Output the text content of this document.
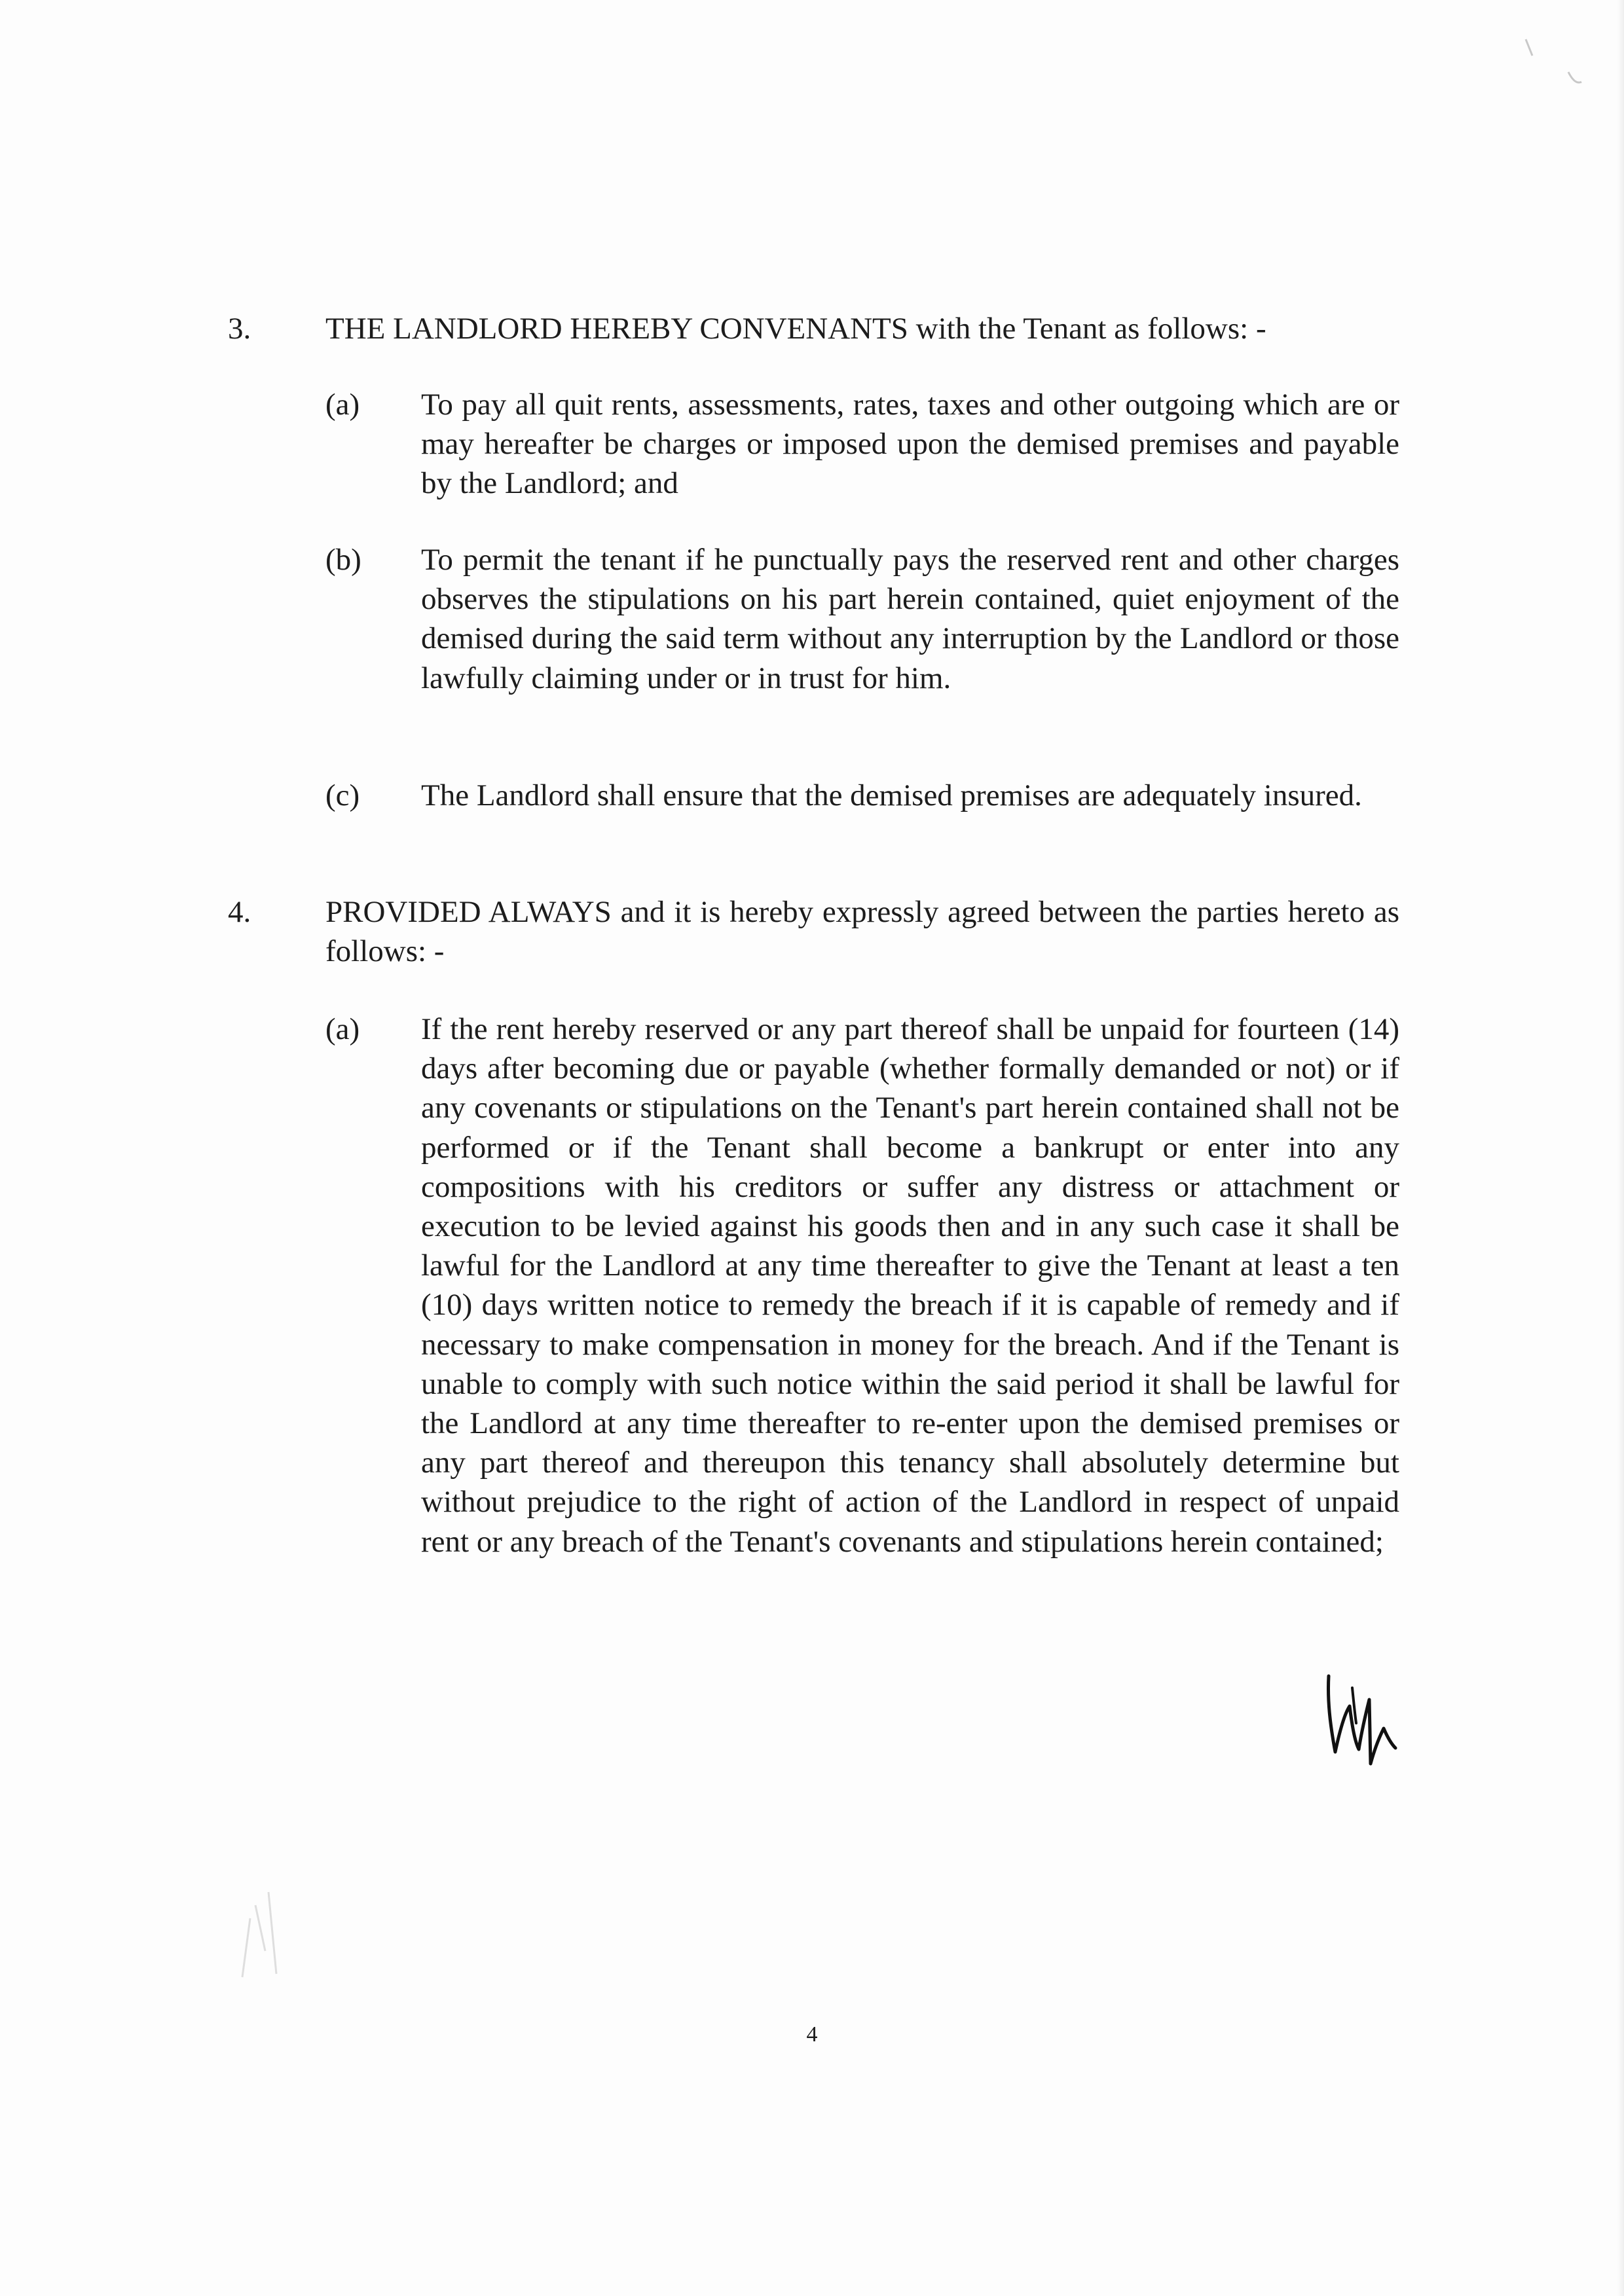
3. THE LANDLORD HEREBY CONVENANTS with the Tenant as follows: -
(a) To pay all quit rents, assessments, rates, taxes and other outgoing which are or may hereafter be charges or imposed upon the demised premises and payable by the Landlord; and
(b) To permit the tenant if he punctually pays the reserved rent and other charges observes the stipulations on his part herein contained, quiet enjoyment of the demised during the said term without any interruption by the Landlord or those lawfully claiming under or in trust for him.
(c) The Landlord shall ensure that the demised premises are adequately insured.
4. PROVIDED ALWAYS and it is hereby expressly agreed between the parties hereto as follows: -
(a) If the rent hereby reserved or any part thereof shall be unpaid for fourteen (14) days after becoming due or payable (whether formally demanded or not) or if any covenants or stipulations on the Tenant's part herein contained shall not be performed or if the Tenant shall become a bankrupt or enter into any compositions with his creditors or suffer any distress or attachment or execution to be levied against his goods then and in any such case it shall be lawful for the Landlord at any time thereafter to give the Tenant at least a ten (10) days written notice to remedy the breach if it is capable of remedy and if necessary to make compensation in money for the breach. And if the Tenant is unable to comply with such notice within the said period it shall be lawful for the Landlord at any time thereafter to re-enter upon the demised premises or any part thereof and thereupon this tenancy shall absolutely determine but without prejudice to the right of action of the Landlord in respect of unpaid rent or any breach of the Tenant's covenants and stipulations herein contained;
4
